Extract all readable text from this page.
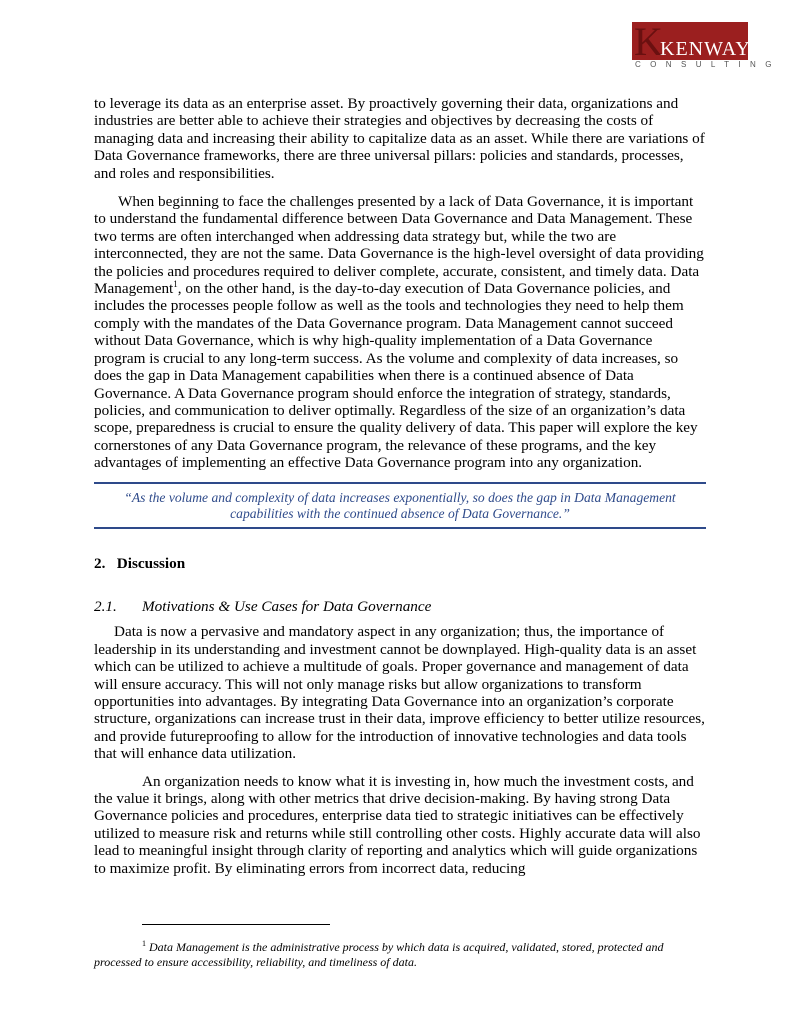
K
KENWAY
CONSULTING

to leverage its data as an enterprise asset. By proactively governing their data, organizations and industries are better able to achieve their strategies and objectives by decreasing the costs of managing data and increasing their ability to capitalize data as an asset. While there are variations of Data Governance frameworks, there are three universal pillars: policies and standards, processes, and roles and responsibilities.

When beginning to face the challenges presented by a lack of Data Governance, it is important to understand the fundamental difference between Data Governance and Data Management. These two terms are often interchanged when addressing data strategy but, while the two are interconnected, they are not the same. Data Governance is the high-level oversight of data providing the policies and procedures required to deliver complete, accurate, consistent, and timely data. Data Management$^1$, on the other hand, is the day-to-day execution of Data Governance policies, and includes the processes people follow as well as the tools and technologies they need to help them comply with the mandates of the Data Governance program. Data Management cannot succeed without Data Governance, which is why high-quality implementation of a Data Governance program is crucial to any long-term success. As the volume and complexity of data increases, so does the gap in Data Management capabilities when there is a continued absence of Data Governance. A Data Governance program should enforce the integration of strategy, standards, policies, and communication to deliver optimally. Regardless of the size of an organization’s data scope, preparedness is crucial to ensure the quality delivery of data. This paper will explore the key cornerstones of any Data Governance program, the relevance of these programs, and the key advantages of implementing an effective Data Governance program into any organization.

“As the volume and complexity of data increases exponentially, so does the gap in Data Management capabilities with the continued absence of Data Governance.”
2. Discussion
2.1. Motivations & Use Cases for Data Governance

Data is now a pervasive and mandatory aspect in any organization; thus, the importance of leadership in its understanding and investment cannot be downplayed. High-quality data is an asset which can be utilized to achieve a multitude of goals. Proper governance and management of data will ensure accuracy. This will not only manage risks but allow organizations to transform opportunities into advantages. By integrating Data Governance into an organization’s corporate structure, organizations can increase trust in their data, improve efficiency to better utilize resources, and provide futureproofing to allow for the introduction of innovative technologies and data tools that will enhance data utilization.

An organization needs to know what it is investing in, how much the investment costs, and the value it brings, along with other metrics that drive decision-making. By having strong Data Governance policies and procedures, enterprise data tied to strategic initiatives can be effectively utilized to measure risk and returns while still controlling other costs. Highly accurate data will also lead to meaningful insight through clarity of reporting and analytics which will guide organizations to maximize profit. By eliminating errors from incorrect data, reducing

$^1$ Data Management is the administrative process by which data is acquired, validated, stored, protected and processed to ensure accessibility, reliability, and timeliness of data.
